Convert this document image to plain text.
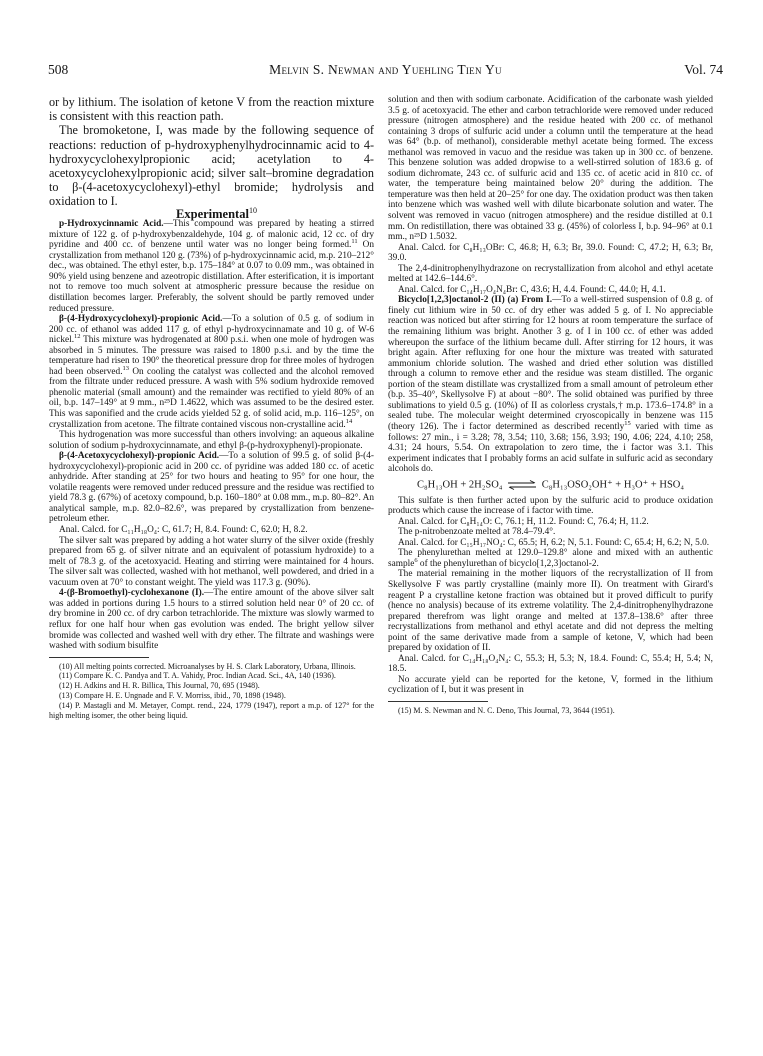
508	Melvin S. Newman and Yuehling Tien Yu	Vol. 74

or by lithium. The isolation of ketone V from the reaction mixture is consistent with this reaction path.

The bromoketone, I, was made by the following sequence of reactions: reduction of p-hydroxyphenylhydrocinnamic acid to 4-hydroxycyclohexylpropionic acid; acetylation to 4-acetoxycyclohexylpropionic acid; silver salt–bromine degradation to β-(4-acetoxycyclohexyl)-ethyl bromide; hydrolysis and oxidation to I.

Experimental$^{10}$

p-Hydroxycinnamic Acid.—This compound was prepared by heating a stirred mixture of 122 g. of p-hydroxybenzaldehyde, 104 g. of malonic acid, 12 cc. of dry pyridine and 400 cc. of benzene until water was no longer being formed.$^{11}$ On crystallization from methanol 120 g. (73%) of p-hydroxycinnamic acid, m.p. 210–212° dec., was obtained. The ethyl ester, b.p. 175–184° at 0.07 to 0.09 mm., was obtained in 90% yield using benzene and azeotropic distillation. After esterification, it is important not to remove too much solvent at atmospheric pressure because the residue on distillation becomes larger. Preferably, the solvent should be partly removed under reduced pressure.

β-(4-Hydroxycyclohexyl)-propionic Acid.—To a solution of 0.5 g. of sodium in 200 cc. of ethanol was added 117 g. of ethyl p-hydroxycinnamate and 10 g. of W-6 nickel.$^{12}$ This mixture was hydrogenated at 800 p.s.i. when one mole of hydrogen was absorbed in 5 minutes. The pressure was raised to 1800 p.s.i. and by the time the temperature had risen to 190° the theoretical pressure drop for three moles of hydrogen had been observed.$^{13}$ On cooling the catalyst was collected and the alcohol removed from the filtrate under reduced pressure. A wash with 5% sodium hydroxide removed phenolic material (small amount) and the remainder was rectified to yield 80% of an oil, b.p. 147–149° at 9 mm., n²⁵D 1.4622, which was assumed to be the desired ester. This was saponified and the crude acids yielded 52 g. of solid acid, m.p. 116–125°, on crystallization from acetone. The filtrate contained viscous non-crystalline acid.$^{14}$

This hydrogenation was more successful than others involving: an aqueous alkaline solution of sodium p-hydroxycinnamate, and ethyl β-(p-hydroxyphenyl)-propionate.

β-(4-Acetoxycyclohexyl)-propionic Acid.—To a solution of 99.5 g. of solid β-(4-hydroxycyclohexyl)-propionic acid in 200 cc. of pyridine was added 180 cc. of acetic anhydride. After standing at 25° for two hours and heating to 95° for one hour, the volatile reagents were removed under reduced pressure and the residue was rectified to yield 78.3 g. (67%) of acetoxy compound, b.p. 160–180° at 0.08 mm., m.p. 80–82°. An analytical sample, m.p. 82.0–82.6°, was prepared by crystallization from benzene-petroleum ether.

Anal. Calcd. for C₁₁H₁₈O₄: C, 61.7; H, 8.4. Found: C, 62.0; H, 8.2.

The silver salt was prepared by adding a hot water slurry of the silver oxide (freshly prepared from 65 g. of silver nitrate and an equivalent of potassium hydroxide) to a melt of 78.3 g. of the acetoxyacid. Heating and stirring were maintained for 4 hours. The silver salt was collected, washed with hot methanol, well powdered, and dried in a vacuum oven at 70° to constant weight. The yield was 117.3 g. (90%).

4-(β-Bromoethyl)-cyclohexanone (I).—The entire amount of the above silver salt was added in portions during 1.5 hours to a stirred solution held near 0° of 20 cc. of dry bromine in 200 cc. of dry carbon tetrachloride. The mixture was slowly warmed to reflux for one half hour when gas evolution was ended. The bright yellow silver bromide was collected and washed well with dry ether. The filtrate and washings were washed with sodium bisulfite

(10) All melting points corrected. Microanalyses by H. S. Clark Laboratory, Urbana, Illinois.

(11) Compare K. C. Pandya and T. A. Vahidy, Proc. Indian Acad. Sci., 4A, 140 (1936).

(12) H. Adkins and H. R. Billica, This Journal, 70, 695 (1948).

(13) Compare H. E. Ungnade and F. V. Morriss, ibid., 70, 1898 (1948).

(14) P. Mastagli and M. Metayer, Compt. rend., 224, 1779 (1947), report a m.p. of 127° for the high melting isomer, the other being liquid.

solution and then with sodium carbonate. Acidification of the carbonate wash yielded 3.5 g. of acetoxyacid. The ether and carbon tetrachloride were removed under reduced pressure (nitrogen atmosphere) and the residue heated with 200 cc. of methanol containing 3 drops of sulfuric acid under a column until the temperature at the head was 64° (b.p. of methanol), considerable methyl acetate being formed. The excess methanol was removed in vacuo and the residue was taken up in 300 cc. of benzene. This benzene solution was added dropwise to a well-stirred solution of 183.6 g. of sodium dichromate, 243 cc. of sulfuric acid and 135 cc. of acetic acid in 810 cc. of water, the temperature being maintained below 20° during the addition. The temperature was then held at 20–25° for one day. The oxidation product was then taken into benzene which was washed well with dilute bicarbonate solution and water. The solvent was removed in vacuo (nitrogen atmosphere) and the residue distilled at 0.1 mm. On redistillation, there was obtained 33 g. (45%) of colorless I, b.p. 94–96° at 0.1 mm., n²⁵D 1.5032.

Anal. Calcd. for C₈H₁₃OBr: C, 46.8; H, 6.3; Br, 39.0. Found: C, 47.2; H, 6.3; Br, 39.0.

The 2,4-dinitrophenylhydrazone on recrystallization from alcohol and ethyl acetate melted at 142.6–144.6°.

Anal. Calcd. for C₁₄H₁₇O₄N₄Br: C, 43.6; H, 4.4. Found: C, 44.0; H, 4.1.

Bicyclo[1,2,3]octanol-2 (II) (a) From I.—To a well-stirred suspension of 0.8 g. of finely cut lithium wire in 50 cc. of dry ether was added 5 g. of I. No appreciable reaction was noticed but after stirring for 12 hours at room temperature the surface of the remaining lithium was bright. Another 3 g. of I in 100 cc. of ether was added whereupon the surface of the lithium became dull. After stirring for 12 hours, it was bright again. After refluxing for one hour the mixture was treated with saturated ammonium chloride solution. The washed and dried ether solution was distilled through a column to remove ether and the residue was steam distilled. The organic portion of the steam distillate was crystallized from a small amount of petroleum ether (b.p. 35–40°, Skellysolve F) at about −80°. The solid obtained was purified by three sublimations to yield 0.5 g. (10%) of II as colorless crystals,† m.p. 173.6–174.8° in a sealed tube. The molecular weight determined cryoscopically in benzene was 115 (theory 126). The i factor determined as described recently$^{15}$ varied with time as follows: 27 min., i = 3.28; 78, 3.54; 110, 3.68; 156, 3.93; 190, 4.06; 224, 4.10; 258, 4.31; 24 hours, 5.54. On extrapolation to zero time, the i factor was 3.1. This experiment indicates that I probably forms an acid sulfate in sulfuric acid as secondary alcohols do.

C₈H₁₃OH + 2H₂SO₄ ⇌ C₈H₁₃OSO₂OH⁺ + H₃O⁺ + HSO₄

This sulfate is then further acted upon by the sulfuric acid to produce oxidation products which cause the increase of i factor with time.

Anal. Calcd. for C₈H₁₄O: C, 76.1; H, 11.2. Found: C, 76.4; H, 11.2.

The p-nitrobenzoate melted at 78.4–79.4°.

Anal. Calcd. for C₁₅H₁₇NO₄: C, 65.5; H, 6.2; N, 5.1. Found: C, 65.4; H, 6.2; N, 5.0.

The phenylurethan melted at 129.0–129.8° alone and mixed with an authentic sample$^6$ of the phenylurethan of bicyclo[1,2,3]octanol-2.

The material remaining in the mother liquors of the recrystallization of II from Skellysolve F was partly crystalline (mainly more II). On treatment with Girard's reagent P a crystalline ketone fraction was obtained but it proved difficult to purify (hence no analysis) because of its extreme volatility. The 2,4-dinitrophenylhydrazone prepared therefrom was light orange and melted at 137.8–138.6° after three recrystallizations from methanol and ethyl acetate and did not depress the melting point of the same derivative made from a sample of ketone, V, which had been prepared by oxidation of II.

Anal. Calcd. for C₁₄H₁₈O₄N₄: C, 55.3; H, 5.3; N, 18.4. Found: C, 55.4; H, 5.4; N, 18.5.

No accurate yield can be reported for the ketone, V, formed in the lithium cyclization of I, but it was present in

(15) M. S. Newman and N. C. Deno, This Journal, 73, 3644 (1951).
